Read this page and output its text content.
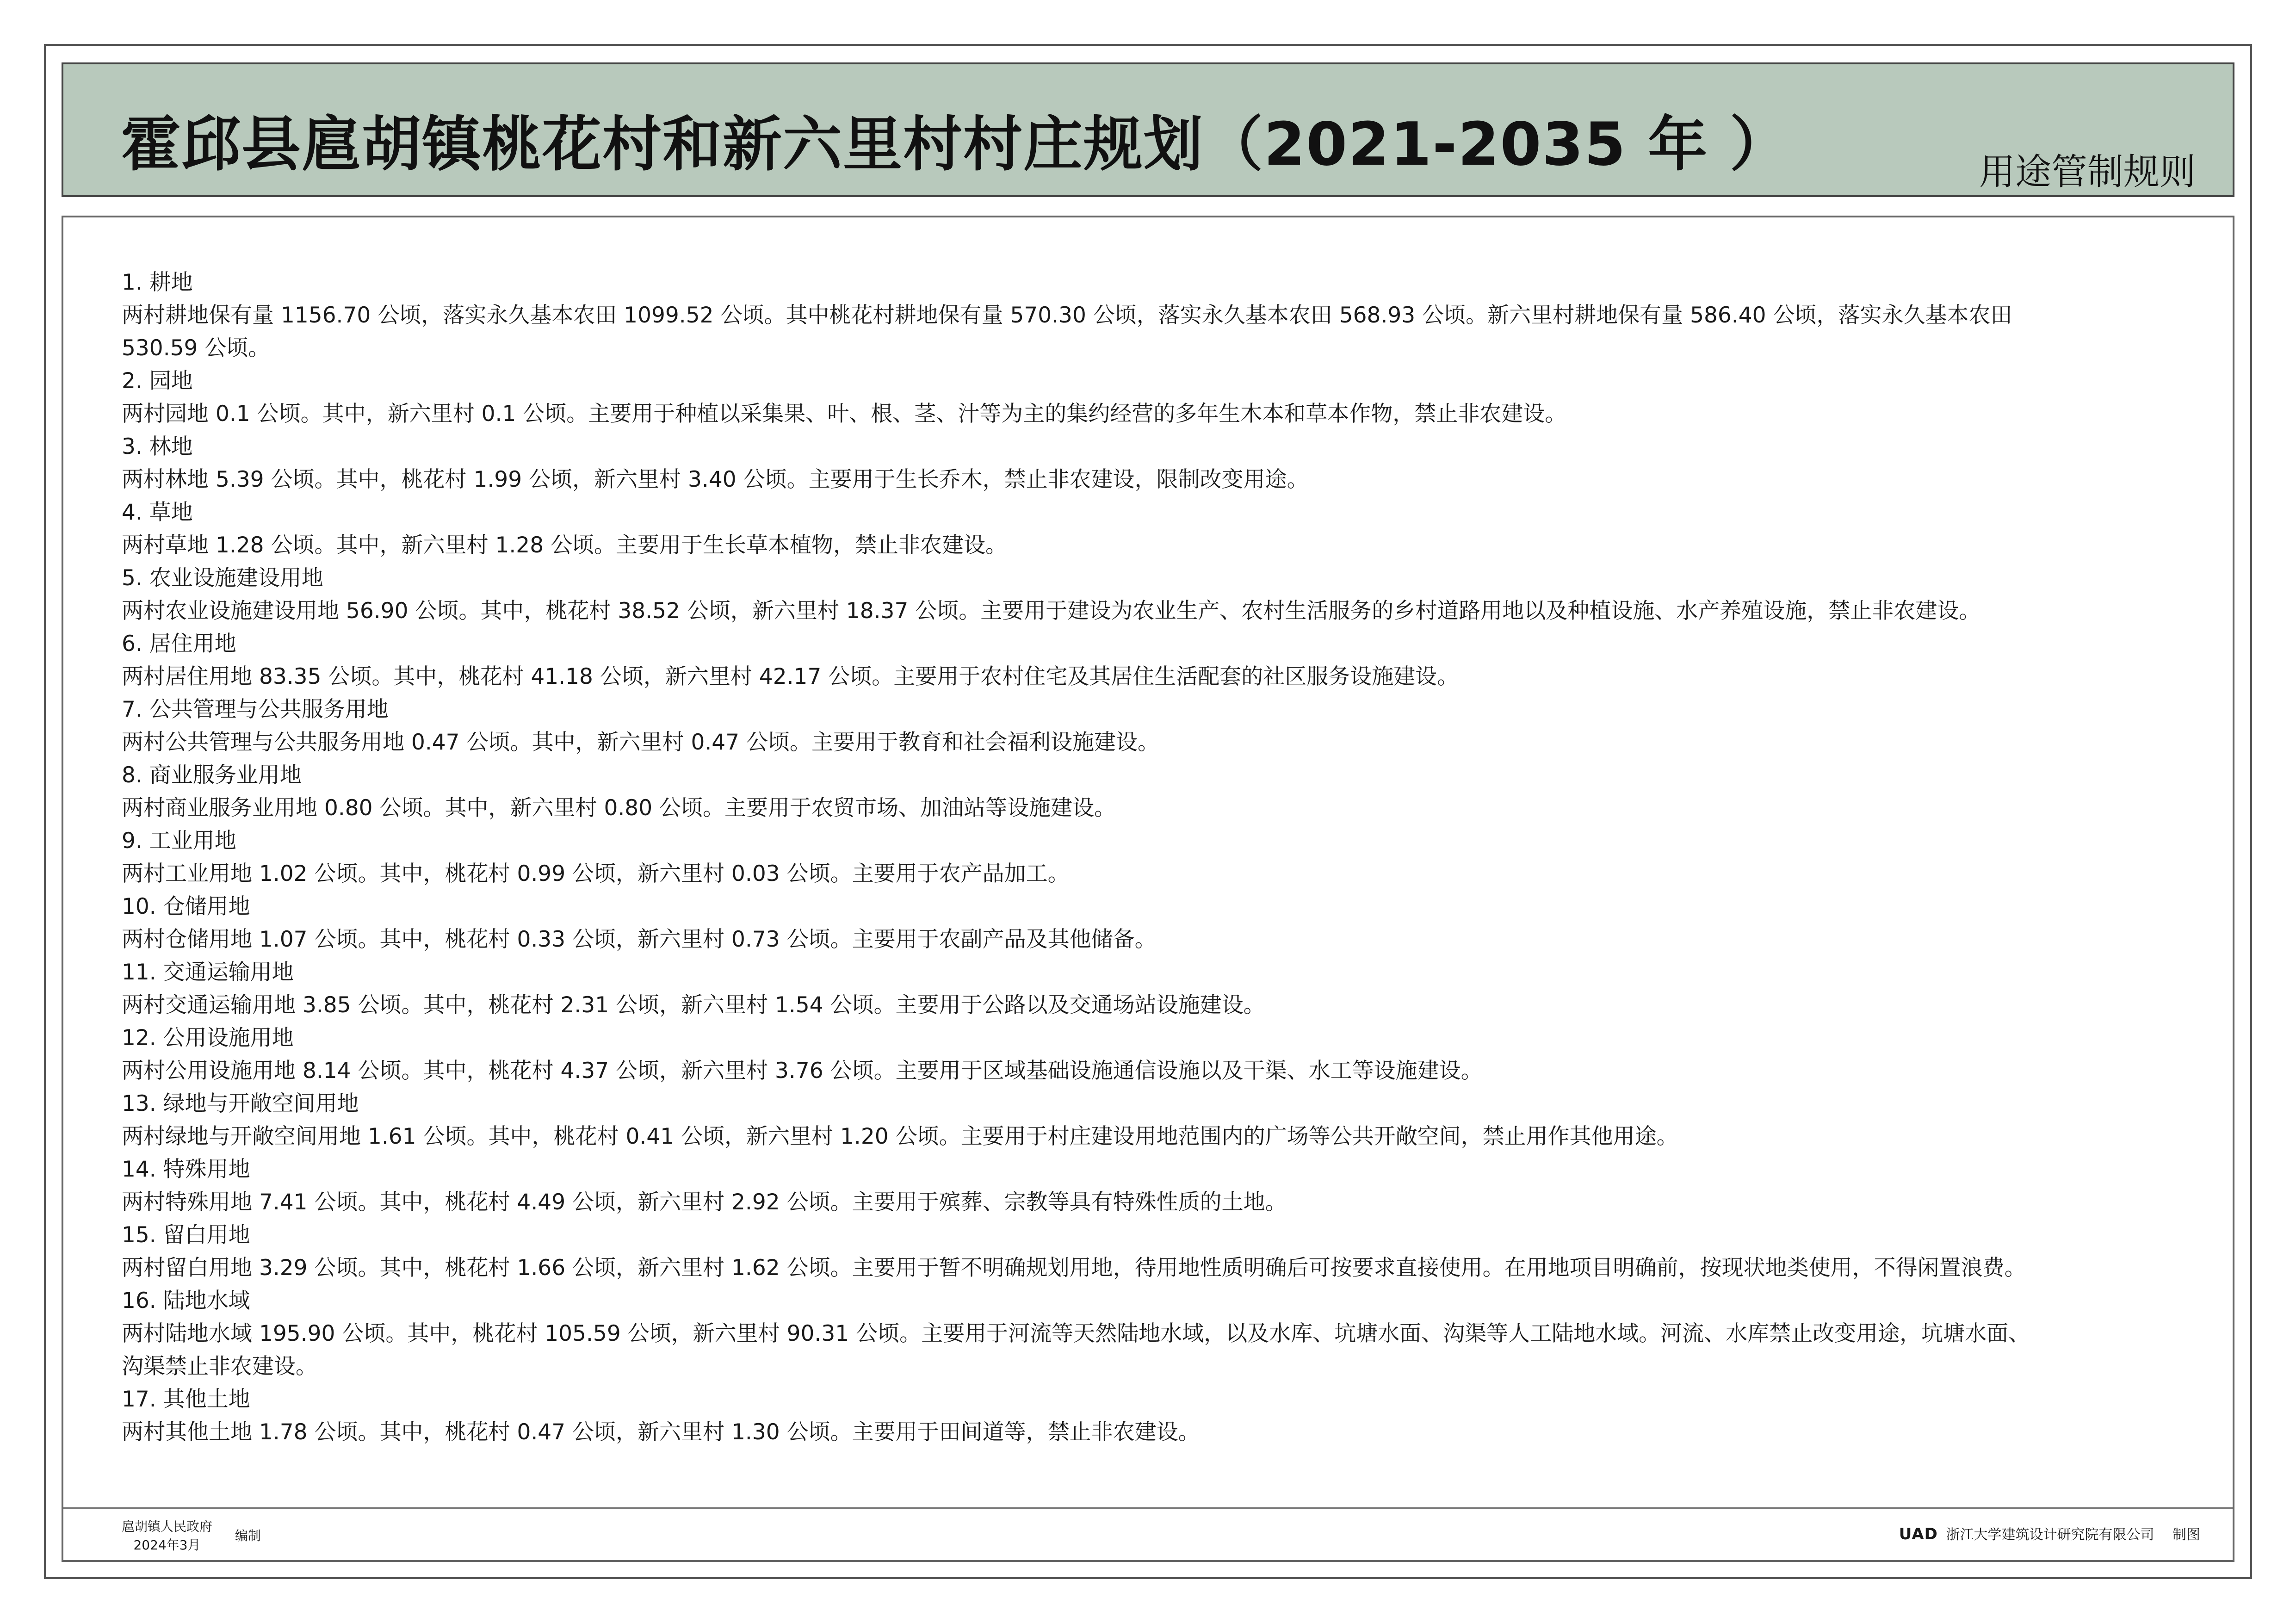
霍邱县扈胡镇桃花村和新六里村村庄规划（2021-2035 年 ）	用途管制规则
1. 耕地
两村耕地保有量 1156.70 公顷，落实永久基本农田 1099.52 公顷。其中桃花村耕地保有量 570.30 公顷，落实永久基本农田 568.93 公顷。新六里村耕地保有量 586.40 公顷，落实永久基本农田
530.59 公顷。
2. 园地
两村园地 0.1 公顷。其中，新六里村 0.1 公顷。主要用于种植以采集果、叶、根、茎、汁等为主的集约经营的多年生木本和草本作物，禁止非农建设。
3. 林地
两村林地 5.39 公顷。其中，桃花村 1.99 公顷，新六里村 3.40 公顷。主要用于生长乔木，禁止非农建设，限制改变用途。
4. 草地
两村草地 1.28 公顷。其中，新六里村 1.28 公顷。主要用于生长草本植物，禁止非农建设。
5. 农业设施建设用地
两村农业设施建设用地 56.90 公顷。其中，桃花村 38.52 公顷，新六里村 18.37 公顷。主要用于建设为农业生产、农村生活服务的乡村道路用地以及种植设施、水产养殖设施，禁止非农建设。
6. 居住用地
两村居住用地 83.35 公顷。其中，桃花村 41.18 公顷，新六里村 42.17 公顷。主要用于农村住宅及其居住生活配套的社区服务设施建设。
7. 公共管理与公共服务用地
两村公共管理与公共服务用地 0.47 公顷。其中，新六里村 0.47 公顷。主要用于教育和社会福利设施建设。
8. 商业服务业用地
两村商业服务业用地 0.80 公顷。其中，新六里村 0.80 公顷。主要用于农贸市场、加油站等设施建设。
9. 工业用地
两村工业用地 1.02 公顷。其中，桃花村 0.99 公顷，新六里村 0.03 公顷。主要用于农产品加工。
10. 仓储用地
两村仓储用地 1.07 公顷。其中，桃花村 0.33 公顷，新六里村 0.73 公顷。主要用于农副产品及其他储备。
11. 交通运输用地
两村交通运输用地 3.85 公顷。其中，桃花村 2.31 公顷，新六里村 1.54 公顷。主要用于公路以及交通场站设施建设。
12. 公用设施用地
两村公用设施用地 8.14 公顷。其中，桃花村 4.37 公顷，新六里村 3.76 公顷。主要用于区域基础设施通信设施以及干渠、水工等设施建设。
13. 绿地与开敞空间用地
两村绿地与开敞空间用地 1.61 公顷。其中，桃花村 0.41 公顷，新六里村 1.20 公顷。主要用于村庄建设用地范围内的广场等公共开敞空间，禁止用作其他用途。
14. 特殊用地
两村特殊用地 7.41 公顷。其中，桃花村 4.49 公顷，新六里村 2.92 公顷。主要用于殡葬、宗教等具有特殊性质的土地。
15. 留白用地
两村留白用地 3.29 公顷。其中，桃花村 1.66 公顷，新六里村 1.62 公顷。主要用于暂不明确规划用地，待用地性质明确后可按要求直接使用。在用地项目明确前，按现状地类使用，不得闲置浪费。
16. 陆地水域
两村陆地水域 195.90 公顷。其中，桃花村 105.59 公顷，新六里村 90.31 公顷。主要用于河流等天然陆地水域，以及水库、坑塘水面、沟渠等人工陆地水域。河流、水库禁止改变用途，坑塘水面、
沟渠禁止非农建设。
17. 其他土地
两村其他土地 1.78 公顷。其中，桃花村 0.47 公顷，新六里村 1.30 公顷。主要用于田间道等，禁止非农建设。
扈胡镇人民政府
2024年3月 编制	UAD 浙江大学建筑设计研究院有限公司 制图
